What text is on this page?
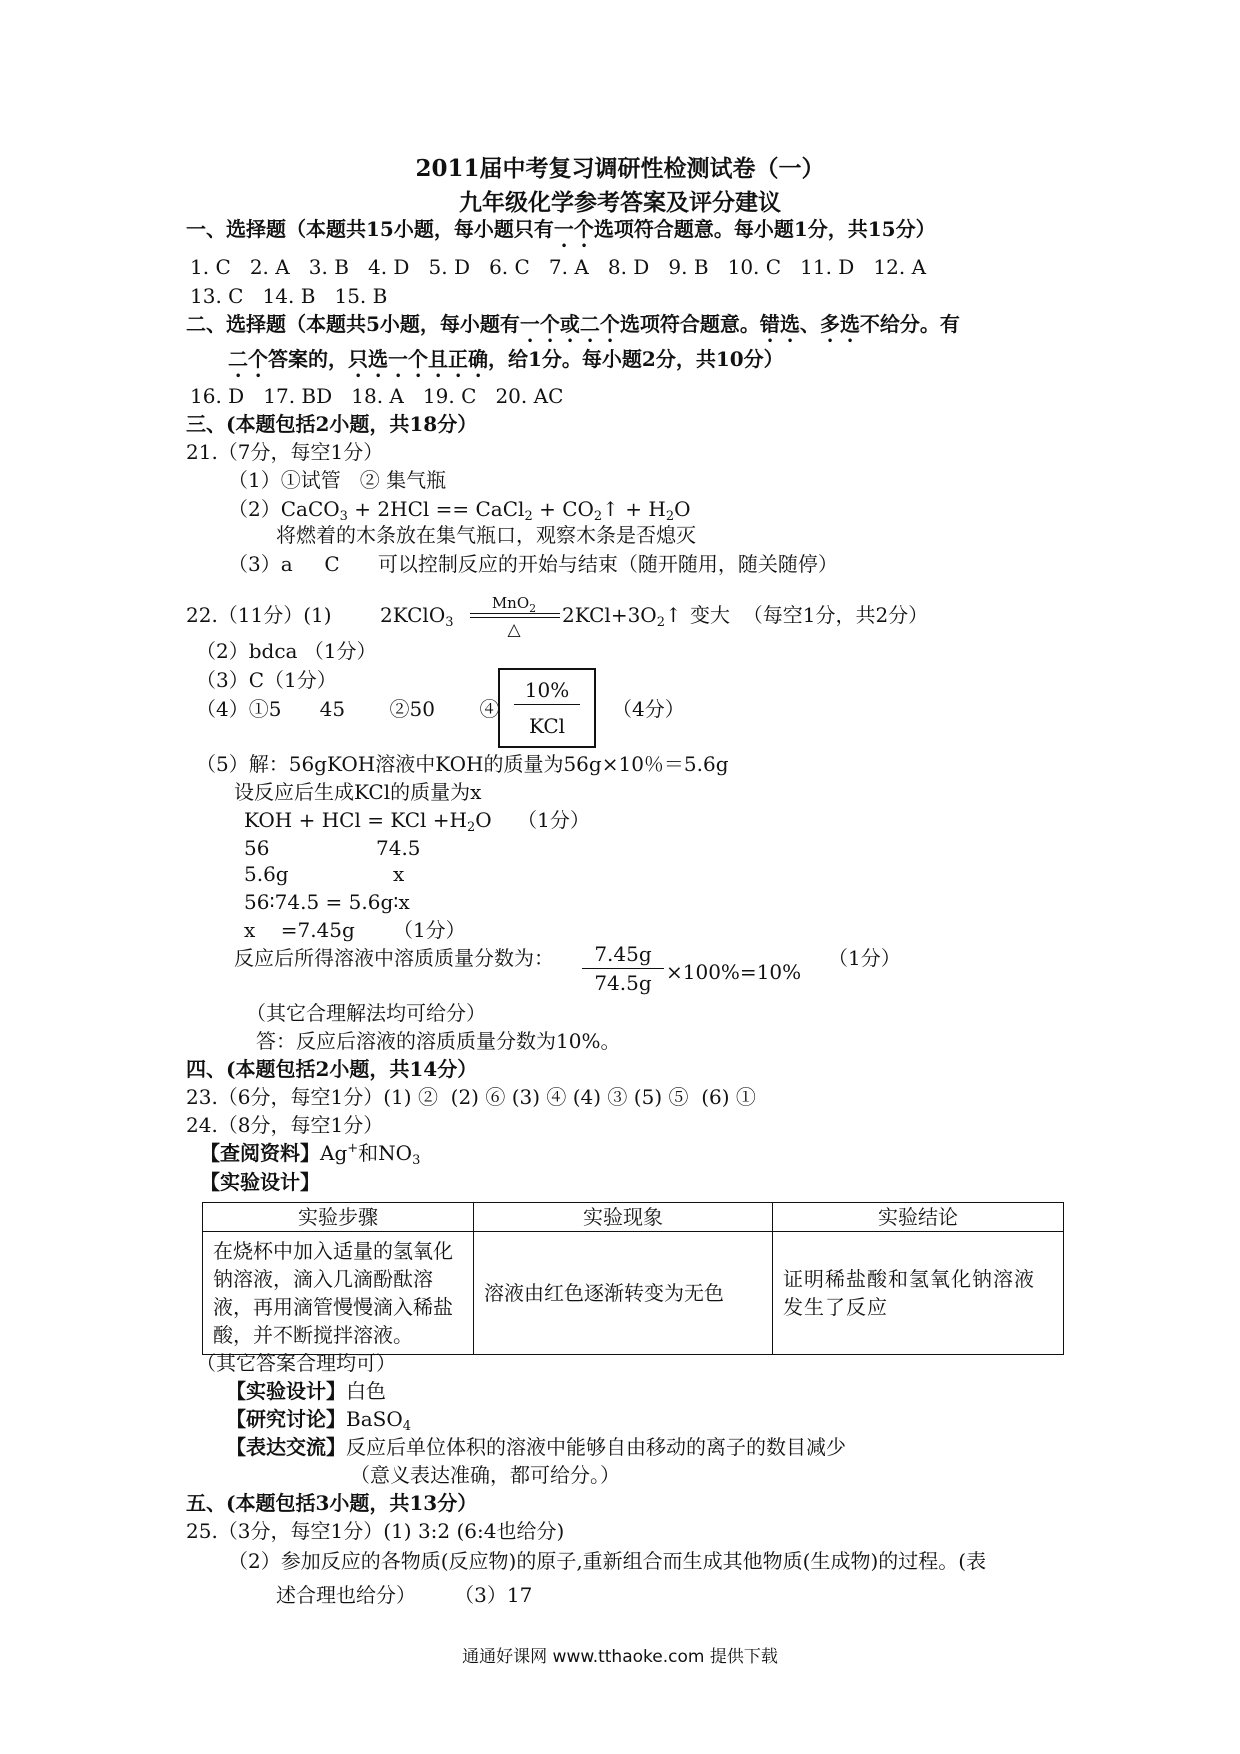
2011届中考复习调研性检测试卷（一）
九年级化学参考答案及评分建议
一、选择题（本题共15小题，每小题只有一个选项符合题意。每小题1分，共15分）
1. C   2. A   3. B   4. D   5. D   6. C   7. A   8. D   9. B   10. C   11. D   12. A
13. C   14. B   15. B
二、选择题（本题共5小题，每小题有一个或二个选项符合题意。错选、多选不给分。有
二个答案的，只选一个且正确，给1分。每小题2分，共10分）
16. D   17. BD   18. A   19. C   20. AC
三、(本题包括2小题，共18分）
21.（7分，每空1分）
（1）①试管   ② 集气瓶
（2）CaCO$_3$ + 2HCl == CaCl$_2$ + $CO_2↑ + H_2O$
将燃着的木条放在集气瓶口，观察木条是否熄灭
（3）a     C      可以控制反应的开始与结束（随开随用，随关随停）
22.（11分）(1) 2KClO$_3$
MnO$_2$
△
$2KCl+3O_2↑$ 变大  （每空1分，共2分）
（2）bdca （1分）
（3）C（1分）
（4）①5      45       ②50       ④
10%
KCl
（4分）
（5）解：56gKOH溶液中KOH的质量为56g×10％＝5.6g
设反应后生成KCl的质量为x
KOH + HCl = KCl $+H_2O$    （1分）
56	74.5
5.6g	x
56∶74.5 = 5.6g∶x
x    =7.45g      （1分）
反应后所得溶液中溶质质量分数为：	7.45g
74.5g ×100%=10%
（1分）
（其它合理解法均可给分）
答：反应后溶液的溶质质量分数为10%。
四、(本题包括2小题，共14分）
23.（6分，每空1分）(1) ②  (2) ⑥ (3) ④ (4) ③ (5) ⑤  (6) ①
24.（8分，每空1分）
【查阅资料】Ag+和$NO_3$
【实验设计】
实验步骤	实验现象	实验结论
在烧杯中加入适量的氢氧化钠溶液，滴入几滴酚酞溶液，再用滴管慢慢滴入稀盐酸，并不断搅拌溶液。	溶液由红色逐渐转变为无色	证明稀盐酸和氢氧化钠溶液发生了反应
（其它答案合理均可）
【实验设计】白色
【研究讨论】BaSO$_4$
【表达交流】反应后单位体积的溶液中能够自由移动的离子的数目减少
（意义表达准确，都可给分。）
五、(本题包括3小题，共13分）
25.（3分，每空1分）(1) 3:2 (6:4也给分)
（2）参加反应的各物质(反应物)的原子,重新组合而生成其他物质(生成物)的过程。(表
述合理也给分）      （3）17
通通好课网 www.tthaoke.com 提供下载
